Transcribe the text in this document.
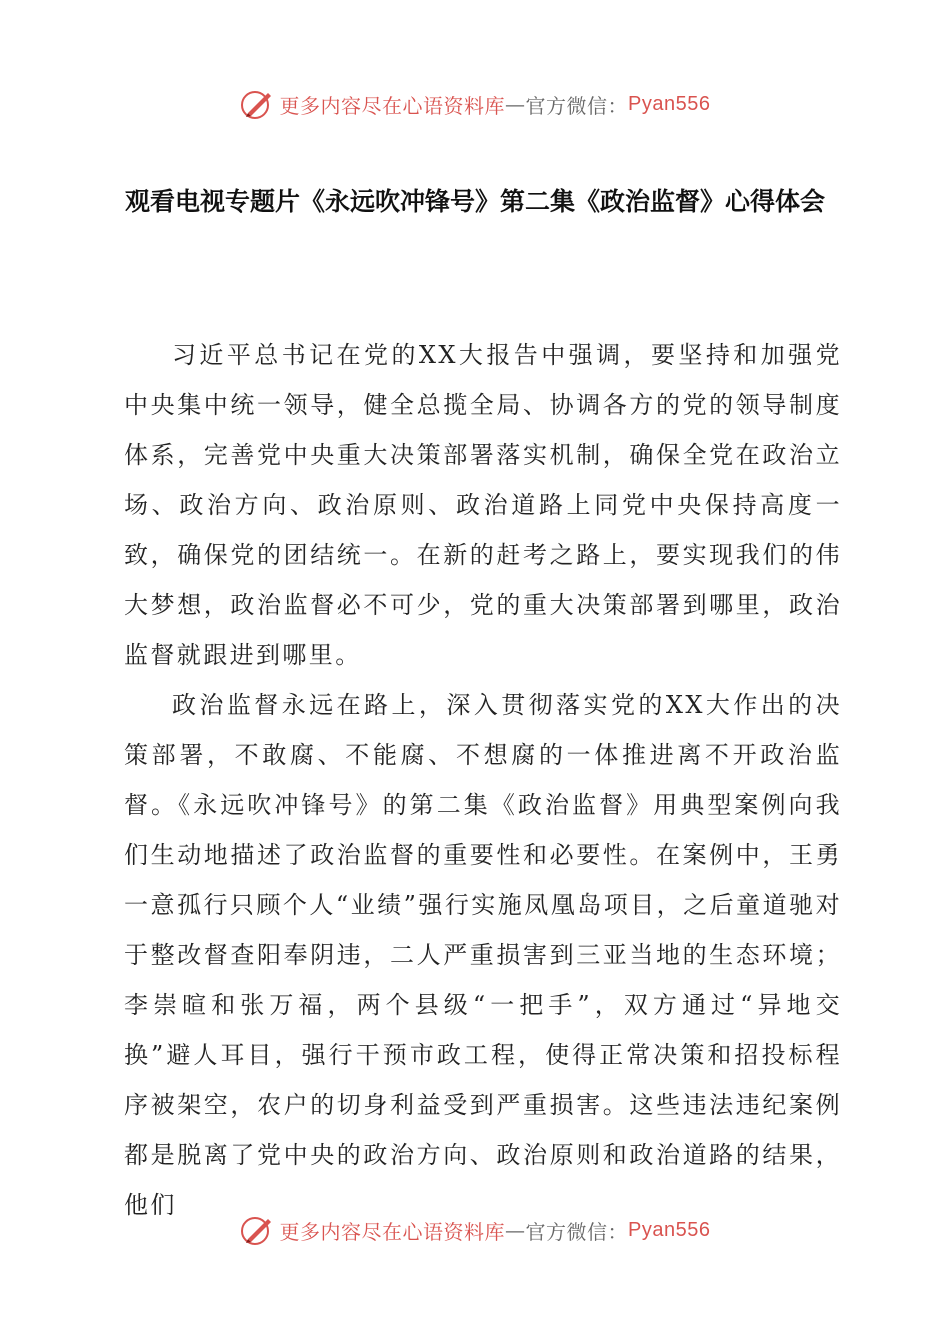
更多内容尽在心语资料库 — 官方微信： Pyan556
观看电视专题片《永远吹冲锋号》第二集《政治监督》心得体会

习近平总书记在党的XX大报告中强调，要坚持和加强党中央集中统一领导，健全总揽全局、协调各方的党的领导制度体系，完善党中央重大决策部署落实机制，确保全党在政治立场、政治方向、政治原则、政治道路上同党中央保持高度一致，确保党的团结统一。在新的赶考之路上，要实现我们的伟大梦想，政治监督必不可少，党的重大决策部署到哪里，政治监督就跟进到哪里。

政治监督永远在路上，深入贯彻落实党的XX大作出的决策部署，不敢腐、不能腐、不想腐的一体推进离不开政治监督。《永远吹冲锋号》的第二集《政治监督》用典型案例向我们生动地描述了政治监督的重要性和必要性。在案例中，王勇一意孤行只顾个人“业绩”强行实施凤凰岛项目，之后童道驰对于整改督查阳奉阴违，二人严重损害到三亚当地的生态环境；李崇暄和张万福，两个县级“一把手”，双方通过“异地交换”避人耳目，强行干预市政工程，使得正常决策和招投标程序被架空，农户的切身利益受到严重损害。这些违法违纪案例都是脱离了党中央的政治方向、政治原则和政治道路的结果，他们

更多内容尽在心语资料库 — 官方微信： Pyan556
